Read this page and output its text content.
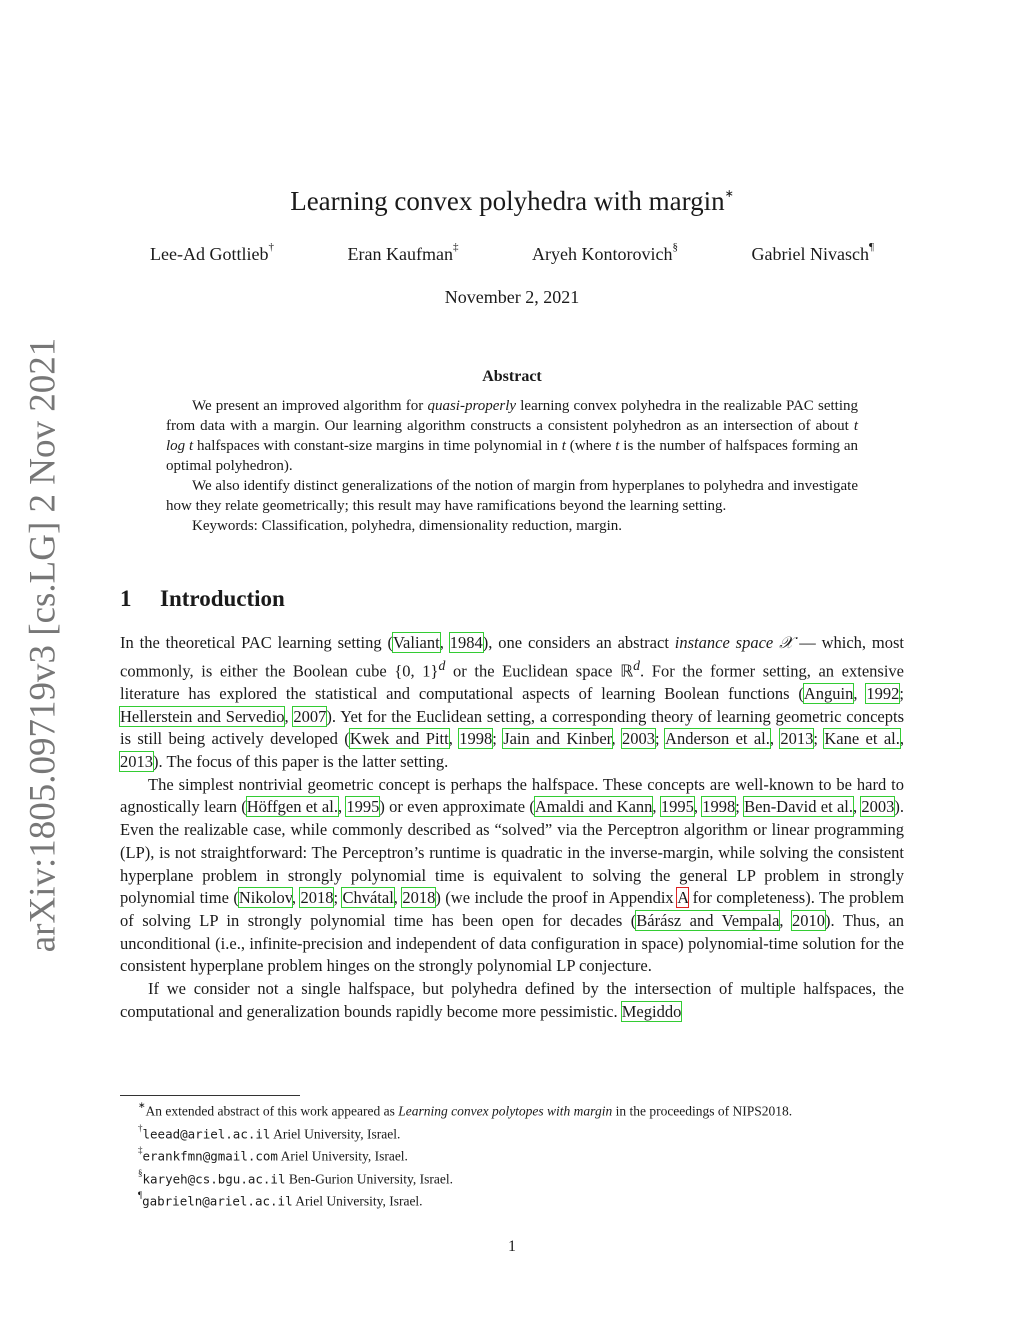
arXiv:1805.09719v3 [cs.LG] 2 Nov 2021
Learning convex polyhedra with margin∗
Lee-Ad Gottlieb†	Eran Kaufman‡	Aryeh Kontorovich§	Gabriel Nivasch¶
November 2, 2021
Abstract

We present an improved algorithm for quasi-properly learning convex polyhedra in the realizable PAC setting from data with a margin. Our learning algorithm constructs a consistent polyhedron as an intersection of about t log t halfspaces with constant-size margins in time polynomial in t (where t is the number of halfspaces forming an optimal polyhedron).

We also identify distinct generalizations of the notion of margin from hyperplanes to polyhedra and investigate how they relate geometrically; this result may have ramifications beyond the learning setting.

Keywords: Classification, polyhedra, dimensionality reduction, margin.

1 Introduction

In the theoretical PAC learning setting (Valiant, 1984), one considers an abstract instance space 𝒳 — which, most commonly, is either the Boolean cube {0, 1}$^d$ or the Euclidean space ℝ$^d$. For the former setting, an extensive literature has explored the statistical and computational aspects of learning Boolean functions (Anguin, 1992; Hellerstein and Servedio, 2007). Yet for the Euclidean setting, a corresponding theory of learning geometric concepts is still being actively developed (Kwek and Pitt, 1998; Jain and Kinber, 2003; Anderson et al., 2013; Kane et al., 2013). The focus of this paper is the latter setting.

The simplest nontrivial geometric concept is perhaps the halfspace. These concepts are well-known to be hard to agnostically learn (Höffgen et al., 1995) or even approximate (Amaldi and Kann, 1995, 1998; Ben-David et al., 2003). Even the realizable case, while commonly described as “solved” via the Perceptron algorithm or linear programming (LP), is not straightforward: The Perceptron’s runtime is quadratic in the inverse-margin, while solving the consistent hyperplane problem in strongly polynomial time is equivalent to solving the general LP problem in strongly polynomial time (Nikolov, 2018; Chvátal, 2018) (we include the proof in Appendix A for completeness). The problem of solving LP in strongly polynomial time has been open for decades (Bárász and Vempala, 2010). Thus, an unconditional (i.e., infinite-precision and independent of data configuration in space) polynomial-time solution for the consistent hyperplane problem hinges on the strongly polynomial LP conjecture.

If we consider not a single halfspace, but polyhedra defined by the intersection of multiple halfspaces, the computational and generalization bounds rapidly become more pessimistic. Megiddo

∗An extended abstract of this work appeared as Learning convex polytopes with margin in the proceedings of NIPS2018.
†leead@ariel.ac.il Ariel University, Israel.
‡erankfmn@gmail.com Ariel University, Israel.
§karyeh@cs.bgu.ac.il Ben-Gurion University, Israel.
¶gabrieln@ariel.ac.il Ariel University, Israel.
1
